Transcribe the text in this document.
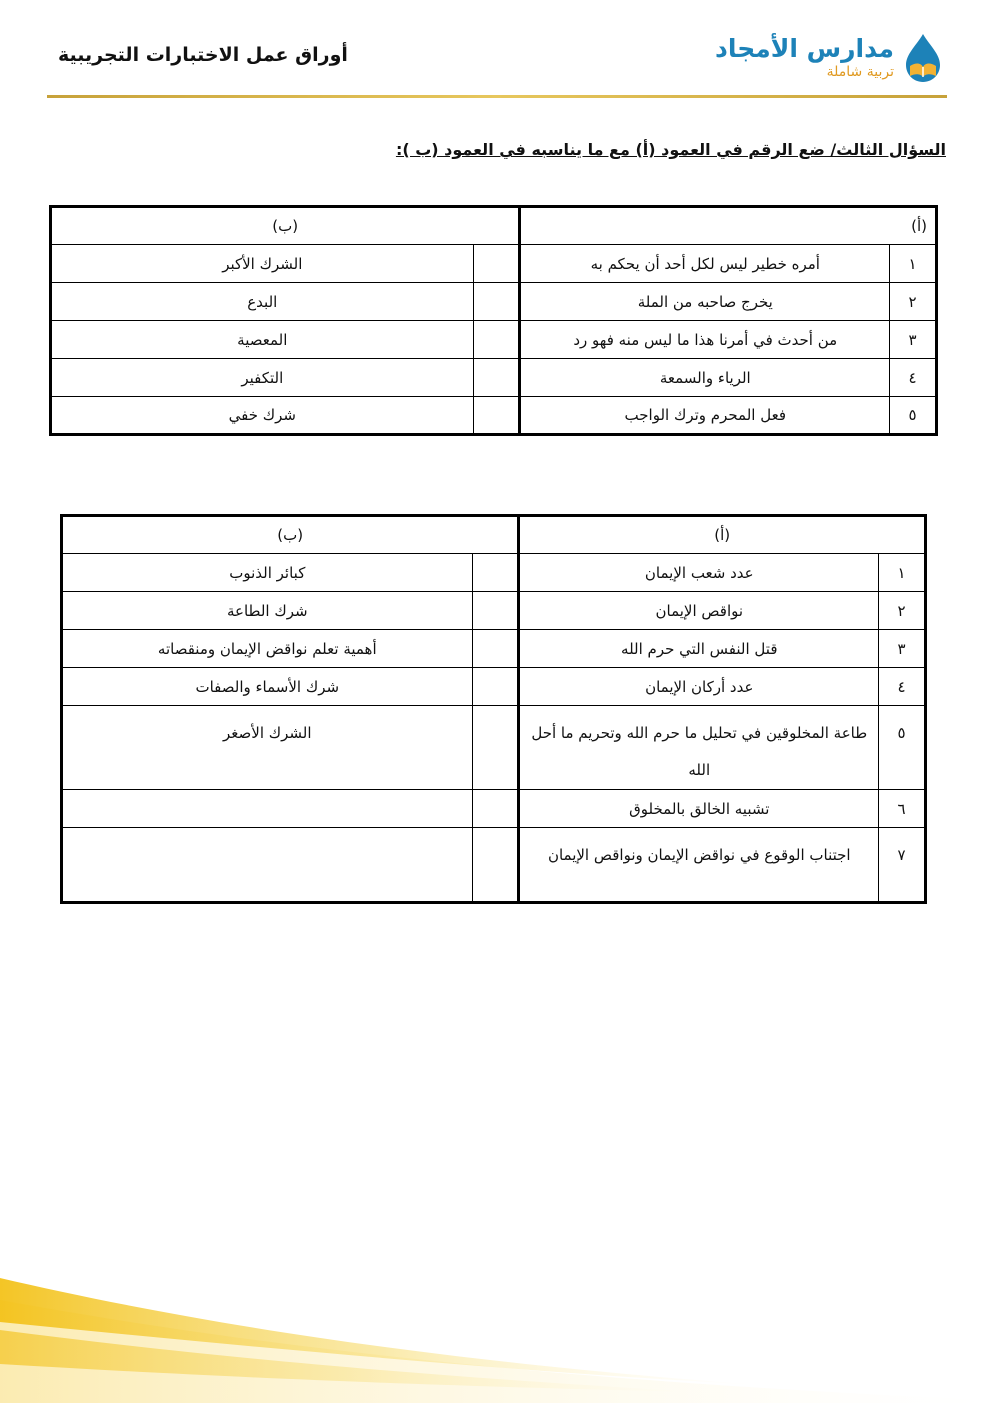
أوراق عمل الاختبارات التجريبية	مدارس الأمجاد
تربية شاملة
السؤال الثالث/ ضع الرقم في العمود (أ) مع ما يناسبه في العمود (ب ):
(أ)		(ب)	
١	أمره خطير ليس لكل أحد أن يحكم به		الشرك الأكبر
٢	يخرج صاحبه من الملة		البدع
٣	من أحدث في أمرنا هذا ما ليس منه فهو رد		المعصية
٤	الرياء والسمعة		التكفير
٥	فعل المحرم وترك الواجب		شرك خفي
(أ)		(ب)	
١	عدد شعب الإيمان		كبائر الذنوب
٢	نواقص الإيمان		شرك الطاعة
٣	قتل النفس التي حرم الله		أهمية تعلم نواقض الإيمان ومنقصاته
٤	عدد أركان الإيمان		شرك الأسماء والصفات
٥	طاعة المخلوقين في تحليل ما حرم الله وتحريم ما أحل الله		الشرك الأصغر
٦	تشبيه الخالق بالمخلوق		
٧	اجتناب الوقوع في نواقض الإيمان ونواقص الإيمان		
